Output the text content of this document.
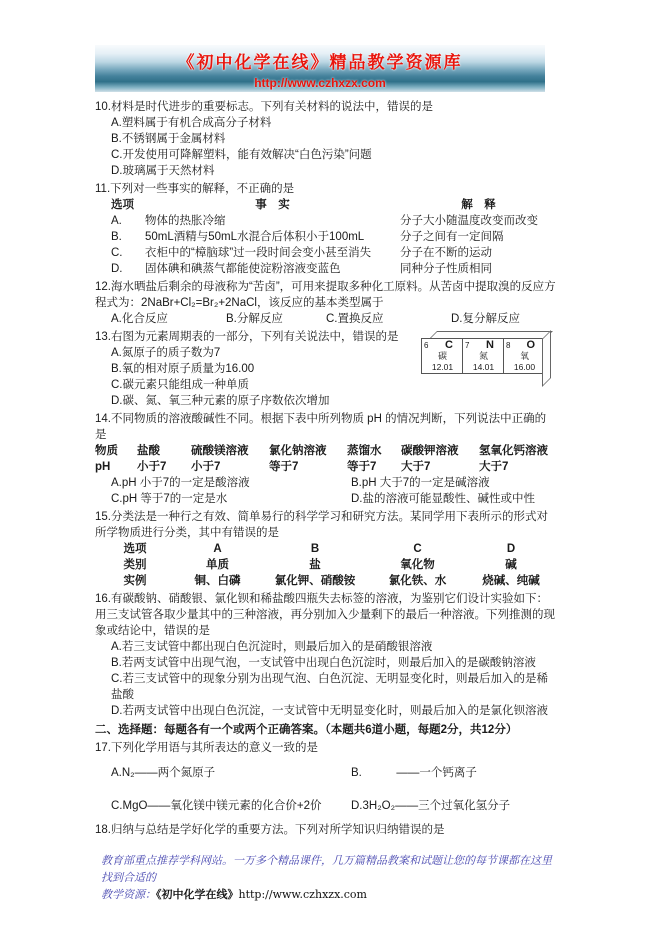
《初中化学在线》精品教学资源库
http://www.czhxzx.com
10.材料是时代进步的重要标志。下列有关材料的说法中，错误的是
A.塑料属于有机合成高分子材料
B.不锈钢属于金属材料
C.开发使用可降解塑料，能有效解决“白色污染”问题
D.玻璃属于天然材料
11.下列对一些事实的解释，不正确的是
选项	事　实	解　释
A.	物体的热胀冷缩	分子大小随温度改变而改变
B.	50mL酒精与50mL水混合后体积小于100mL	分子之间有一定间隔
C.	衣柜中的“樟脑球”过一段时间会变小甚至消失	分子在不断的运动
D.	固体碘和碘蒸气都能使淀粉溶液变蓝色	同种分子性质相同
12.海水晒盐后剩余的母液称为“苦卤”，可用来提取多种化工原料。从苦卤中提取溴的反应方程式为：2NaBr+Cl₂=Br₂+2NaCl，该反应的基本类型属于
A.化合反应	B.分解反应	C.置换反应	D.复分解反应
13.右图为元素周期表的一部分，下列有关说法中，错误的是
A.氮原子的质子数为7
B.氧的相对原子质量为16.00
C.碳元素只能组成一种单质
D.碳、氮、氧三种元素的原子序数依次增加
6 C
碳
12.01
7 N
氮
14.01
8 O
氧
16.00
14.不同物质的溶液酸碱性不同。根据下表中所列物质 pH 的情况判断，下列说法中正确的是
物质	盐酸	硫酸镁溶液	氯化钠溶液	蒸馏水	碳酸钾溶液	氢氧化钙溶液
pH	小于7	小于7	等于7	等于7	大于7	大于7
A.pH 小于7的一定是酸溶液	B.pH 大于7的一定是碱溶液
C.pH 等于7的一定是水	D.盐的溶液可能显酸性、碱性或中性
15.分类法是一种行之有效、简单易行的科学学习和研究方法。某同学用下表所示的形式对所学物质进行分类，其中有错误的是
选项	A	B	C	D
类别	单质	盐	氧化物	碱
实例	铜、白磷	氯化钾、硝酸铵	氯化铁、水	烧碱、纯碱
16.有碳酸钠、硝酸银、氯化钡和稀盐酸四瓶失去标签的溶液，为鉴别它们设计实验如下：用三支试管各取少量其中的三种溶液，再分别加入少量剩下的最后一种溶液。下列推测的现象或结论中，错误的是
A.若三支试管中都出现白色沉淀时，则最后加入的是硝酸银溶液
B.若两支试管中出现气泡，一支试管中出现白色沉淀时，则最后加入的是碳酸钠溶液
C.若三支试管中的现象分别为出现气泡、白色沉淀、无明显变化时，则最后加入的是稀盐酸
D.若两支试管中出现白色沉淀，一支试管中无明显变化时，则最后加入的是氯化钡溶液
二、选择题：每题各有一个或两个正确答案。（本题共6道小题，每题2分，共12分）
17.下列化学用语与其所表达的意义一致的是
A.N₂——两个氮原子	B.　　　——一个钙离子
C.MgO——氧化镁中镁元素的化合价+2价	D.3H₂O₂——三个过氧化氢分子
18.归纳与总结是学好化学的重要方法。下列对所学知识归纳错误的是
教育部重点推荐学科网站。一万多个精品课件，几万篇精品教案和试题让您的每节课都在这里找到合适的
教学资源：《初中化学在线》http://www.czhxzx.com
